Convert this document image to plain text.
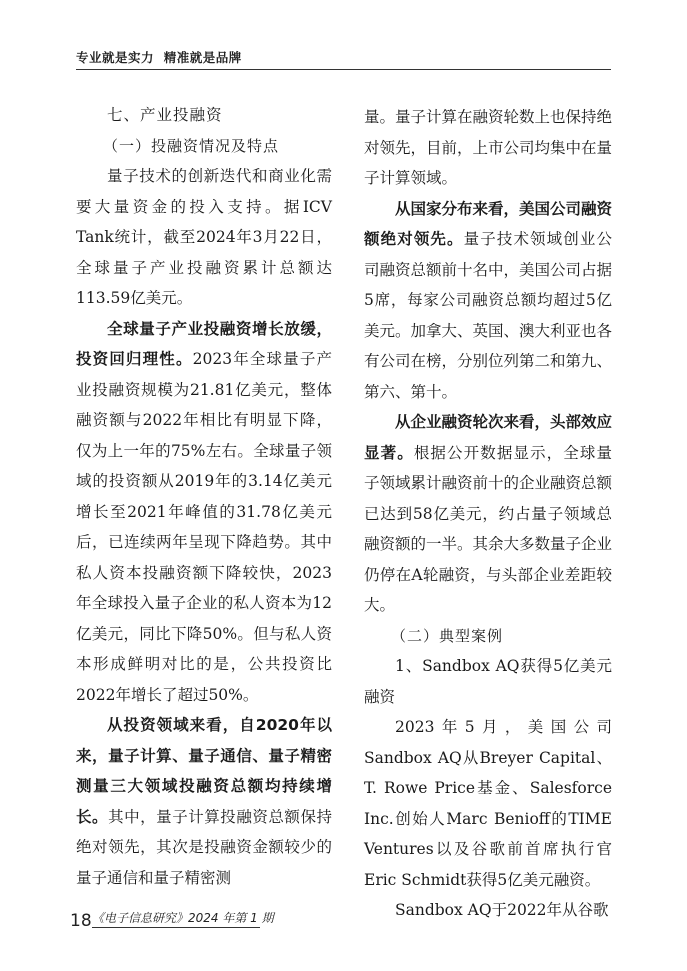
专业就是实力  精准就是品牌
七、产业投融资
（一）投融资情况及特点

量子技术的创新迭代和商业化需要大量资金的投入支持。据ICV Tank统计，截至2024年3月22日，全球量子产业投融资累计总额达113.59亿美元。

全球量子产业投融资增长放缓，投资回归理性。2023年全球量子产业投融资规模为21.81亿美元，整体融资额与2022年相比有明显下降，仅为上一年的75%左右。全球量子领域的投资额从2019年的3.14亿美元增长至2021年峰值的31.78亿美元后，已连续两年呈现下降趋势。其中私人资本投融资额下降较快，2023年全球投入量子企业的私人资本为12亿美元，同比下降50%。但与私人资本形成鲜明对比的是，公共投资比2022年增长了超过50%。

从投资领域来看，自2020年以来，量子计算、量子通信、量子精密测量三大领域投融资总额均持续增长。其中，量子计算投融资总额保持绝对领先，其次是投融资金额较少的量子通信和量子精密测

量。量子计算在融资轮数上也保持绝对领先，目前，上市公司均集中在量子计算领域。

从国家分布来看，美国公司融资额绝对领先。量子技术领域创业公司融资总额前十名中，美国公司占据5席，每家公司融资总额均超过5亿美元。加拿大、英国、澳大利亚也各有公司在榜，分别位列第二和第九、第六、第十。

从企业融资轮次来看，头部效应显著。根据公开数据显示，全球量子领域累计融资前十的企业融资总额已达到58亿美元，约占量子领域总融资额的一半。其余大多数量子企业仍停在A轮融资，与头部企业差距较大。

（二）典型案例

1、Sandbox AQ获得5亿美元融资

2023年5月，美国公司Sandbox AQ从Breyer Capital、T. Rowe Price基金、Salesforce Inc.创始人Marc Benioff的TIME Ventures以及谷歌前首席执行官Eric Schmidt获得5亿美元融资。

Sandbox AQ于2022年从谷歌

18 《电子信息研究》2024 年第 1 期
